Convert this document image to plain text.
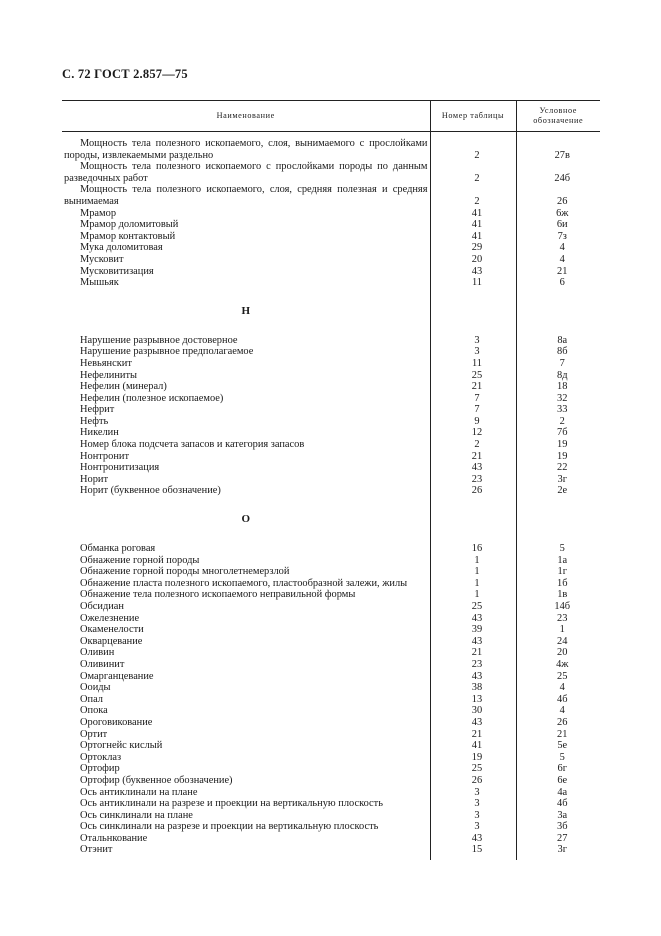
С. 72 ГОСТ 2.857—75
Наименование	Номер таблицы	Условное обозначение

Мощность тела полезного ископаемого, слоя, вынимаемого с прослойками породы, извлекаемыми раздельно	2	27в
Мощность тела полезного ископаемого с прослойками породы по данным разведочных работ	2	24б
Мощность тела полезного ископаемого, слоя, средняя полезная и средняя вынимаемая	2	26
Мрамор	41	6ж
Мрамор доломитовый	41	6и
Мрамор контактовый	41	7з
Мука доломитовая	29	4
Мусковит	20	4
Мусковитизация	43	21
Мышьяк	11	6
Н		
Нарушение разрывное достоверное	3	8а
Нарушение разрывное предполагаемое	3	8б
Невьянскит	11	7
Нефелиниты	25	8д
Нефелин (минерал)	21	18
Нефелин (полезное ископаемое)	7	32
Нефрит	7	33
Нефть	9	2
Никелин	12	7б
Номер блока подсчета запасов и категория запасов	2	19
Нонтронит	21	19
Нонтронитизация	43	22
Норит	23	3г
Норит (буквенное обозначение)	26	2е
О		
Обманка роговая	16	5
Обнажение горной породы	1	1а
Обнажение горной породы многолетнемерзлой	1	1г
Обнажение пласта полезного ископаемого, пластообразной залежи, жилы	1	1б
Обнажение тела полезного ископаемого неправильной формы	1	1в
Обсидиан	25	14б
Ожелезнение	43	23
Окаменелости	39	1
Окварцевание	43	24
Оливин	21	20
Оливинит	23	4ж
Омарганцевание	43	25
Ооиды	38	4
Опал	13	4б
Опока	30	4
Ороговикование	43	26
Ортит	21	21
Ортогнейс кислый	41	5е
Ортоклаз	19	5
Ортофир	25	6г
Ортофир (буквенное обозначение)	26	6е
Ось антиклинали на плане	3	4а
Ось антиклинали на разрезе и проекции на вертикальную плоскость	3	4б
Ось синклинали на плане	3	3а
Ось синклинали на разрезе и проекции на вертикальную плоскость	3	3б
Отальнкование	43	27
Отэнит	15	3г
